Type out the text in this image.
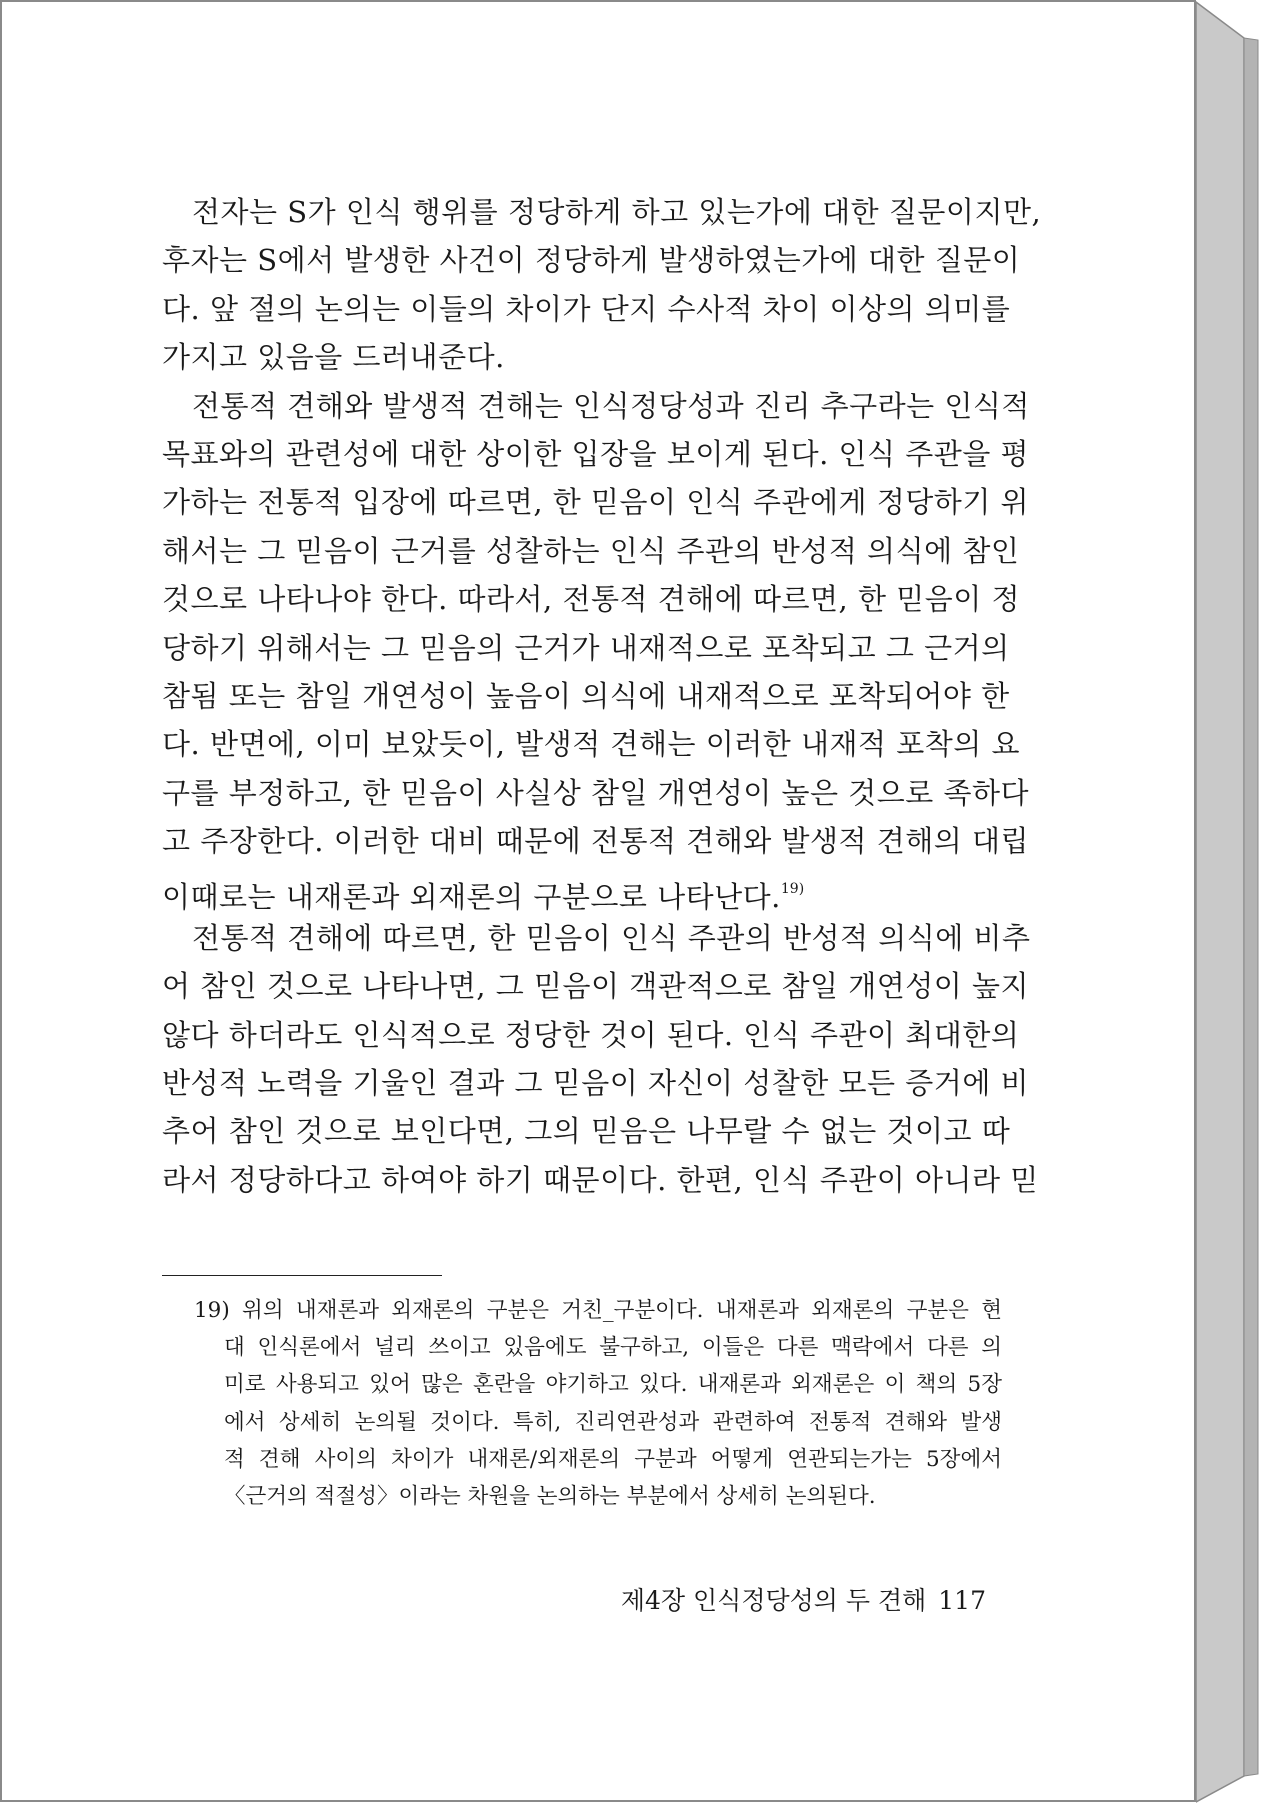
전자는 S가 인식 행위를 정당하게 하고 있는가에 대한 질문이지만,
후자는 S에서 발생한 사건이 정당하게 발생하였는가에 대한 질문이
다. 앞 절의 논의는 이들의 차이가 단지 수사적 차이 이상의 의미를
가지고 있음을 드러내준다.
전통적 견해와 발생적 견해는 인식정당성과 진리 추구라는 인식적
목표와의 관련성에 대한 상이한 입장을 보이게 된다. 인식 주관을 평
가하는 전통적 입장에 따르면, 한 믿음이 인식 주관에게 정당하기 위
해서는 그 믿음이 근거를 성찰하는 인식 주관의 반성적 의식에 참인
것으로 나타나야 한다. 따라서, 전통적 견해에 따르면, 한 믿음이 정
당하기 위해서는 그 믿음의 근거가 내재적으로 포착되고 그 근거의
참됨 또는 참일 개연성이 높음이 의식에 내재적으로 포착되어야 한
다. 반면에, 이미 보았듯이, 발생적 견해는 이러한 내재적 포착의 요
구를 부정하고, 한 믿음이 사실상 참일 개연성이 높은 것으로 족하다
고 주장한다. 이러한 대비 때문에 전통적 견해와 발생적 견해의 대립
이때로는 내재론과 외재론의 구분으로 나타난다.$^{19)}$
전통적 견해에 따르면, 한 믿음이 인식 주관의 반성적 의식에 비추
어 참인 것으로 나타나면, 그 믿음이 객관적으로 참일 개연성이 높지
않다 하더라도 인식적으로 정당한 것이 된다. 인식 주관이 최대한의
반성적 노력을 기울인 결과 그 믿음이 자신이 성찰한 모든 증거에 비
추어 참인 것으로 보인다면, 그의 믿음은 나무랄 수 없는 것이고 따
라서 정당하다고 하여야 하기 때문이다. 한편, 인식 주관이 아니라 믿
19) 위의 내재론과 외재론의 구분은 거친_구분이다. 내재론과 외재론의 구분은 현
대 인식론에서 널리 쓰이고 있음에도 불구하고, 이들은 다른 맥락에서 다른 의
미로 사용되고 있어 많은 혼란을 야기하고 있다. 내재론과 외재론은 이 책의 5장
에서 상세히 논의될 것이다. 특히, 진리연관성과 관련하여 전통적 견해와 발생
적 견해 사이의 차이가 내재론/외재론의 구분과 어떻게 연관되는가는 5장에서
〈근거의 적절성〉이라는 차원을 논의하는 부분에서 상세히 논의된다.
제4장 인식정당성의 두 견해 117
